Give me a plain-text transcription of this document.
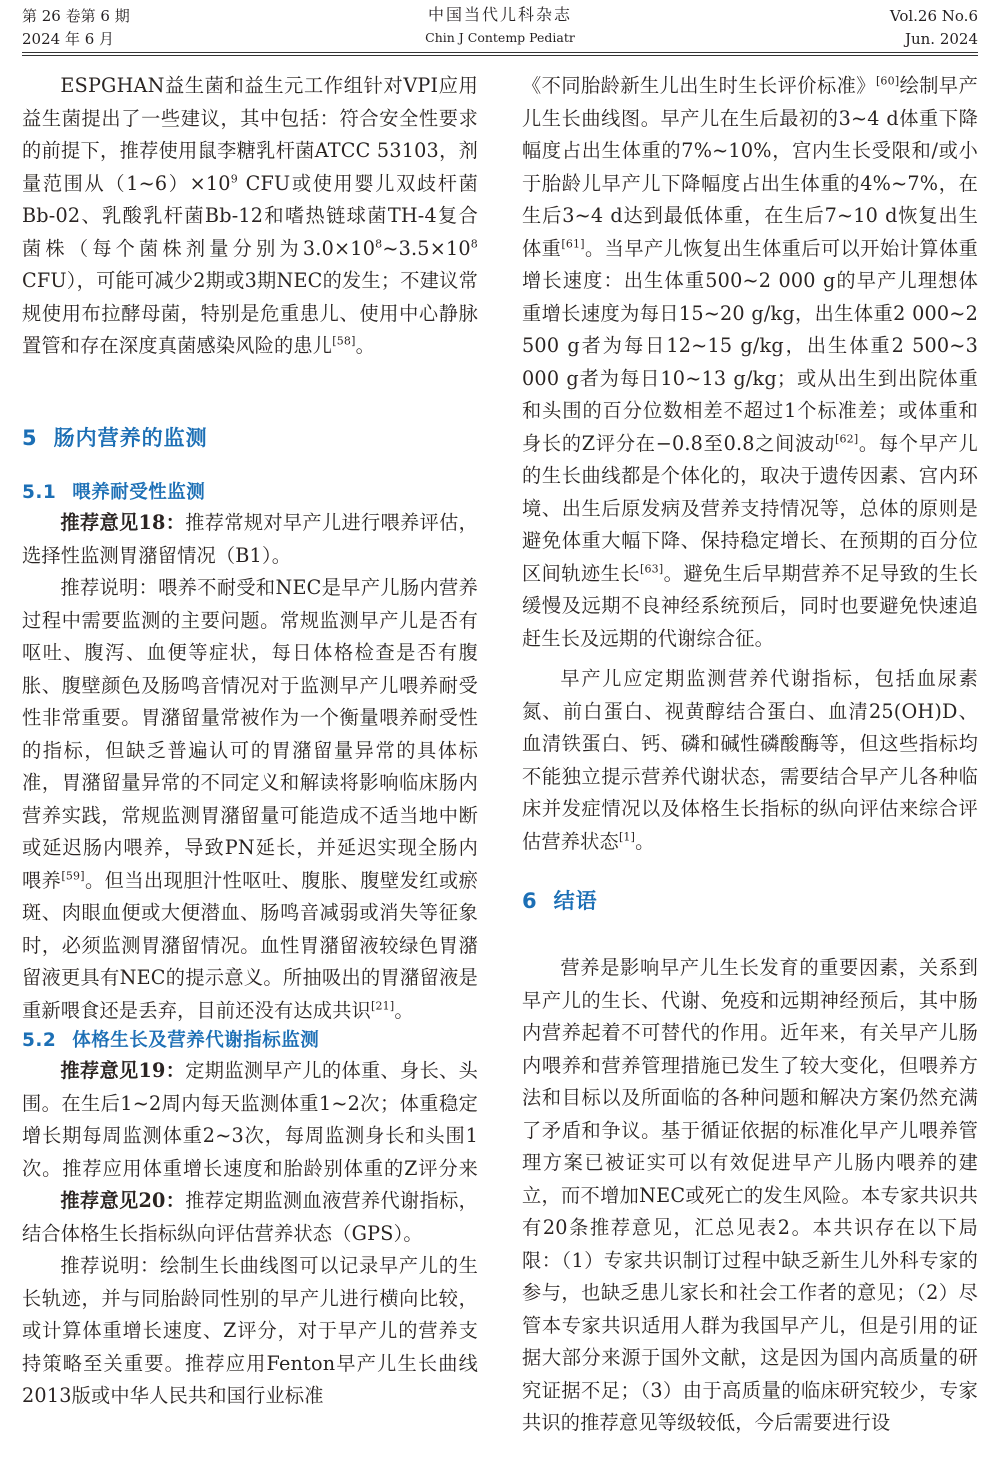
第 26 卷第 6 期
2024 年 6 月
中国当代儿科杂志
Chin J Contemp Pediatr
Vol.26 No.6
Jun. 2024

ESPGHAN益生菌和益生元工作组针对VPI应用益生菌提出了一些建议，其中包括：符合安全性要求的前提下，推荐使用鼠李糖乳杆菌ATCC 53103，剂量范围从$(1\sim 6)\times 10^9$ CFU或使用婴儿双歧杆菌Bb-02、乳酸乳杆菌Bb-12和嗜热链球菌TH-4复合菌株（每个菌株剂量分别为$3.0\times 10^8\sim 3.5\times 10^8$ CFU），可能可减少2期或3期NEC的发生；不建议常规使用布拉酵母菌，特别是危重患儿、使用中心静脉置管和存在深度真菌感染风险的患儿[58]。

5 肠内营养的监测
5.1 喂养耐受性监测

推荐意见18：推荐常规对早产儿进行喂养评估，选择性监测胃潴留情况（B1）。

推荐说明：喂养不耐受和NEC是早产儿肠内营养过程中需要监测的主要问题。常规监测早产儿是否有呕吐、腹泻、血便等症状，每日体格检查是否有腹胀、腹壁颜色及肠鸣音情况对于监测早产儿喂养耐受性非常重要。胃潴留量常被作为一个衡量喂养耐受性的指标，但缺乏普遍认可的胃潴留量异常的具体标准，胃潴留量异常的不同定义和解读将影响临床肠内营养实践，常规监测胃潴留量可能造成不适当地中断或延迟肠内喂养，导致PN延长，并延迟实现全肠内喂养[59]。但当出现胆汁性呕吐、腹胀、腹壁发红或瘀斑、肉眼血便或大便潜血、肠鸣音减弱或消失等征象时，必须监测胃潴留情况。血性胃潴留液较绿色胃潴留液更具有NEC的提示意义。所抽吸出的胃潴留液是重新喂食还是丢弃，目前还没有达成共识[21]。

5.2 体格生长及营养代谢指标监测

推荐意见19：定期监测早产儿的体重、身长、头围。在生后1~2周内每天监测体重1~2次；体重稳定增长期每周监测体重2~3次，每周监测身长和头围1次。推荐应用体重增长速度和胎龄别体重的Z评分来

推荐意见20：推荐定期监测血液营养代谢指标，结合体格生长指标纵向评估营养状态（GPS）。

推荐说明：绘制生长曲线图可以记录早产儿的生长轨迹，并与同胎龄同性别的早产儿进行横向比较，或计算体重增长速度、Z评分，对于早产儿的营养支持策略至关重要。推荐应用Fenton早产儿生长曲线2013版或中华人民共和国行业标准

《不同胎龄新生儿出生时生长评价标准》[60]绘制早产儿生长曲线图。早产儿在生后最初的3~4 d体重下降幅度占出生体重的7%~10%，宫内生长受限和/或小于胎龄儿早产儿下降幅度占出生体重的4%~7%，在生后3~4 d达到最低体重，在生后7~10 d恢复出生体重[61]。当早产儿恢复出生体重后可以开始计算体重增长速度：出生体重500~2 000 g的早产儿理想体重增长速度为每日15~20 g/kg，出生体重2 000~2 500 g者为每日12~15 g/kg，出生体重2 500~3 000 g者为每日10~13 g/kg；或从出生到出院体重和头围的百分位数相差不超过1个标准差；或体重和身长的Z评分在−0.8至0.8之间波动[62]。每个早产儿的生长曲线都是个体化的，取决于遗传因素、宫内环境、出生后原发病及营养支持情况等，总体的原则是避免体重大幅下降、保持稳定增长、在预期的百分位区间轨迹生长[63]。避免生后早期营养不足导致的生长缓慢及远期不良神经系统预后，同时也要避免快速追赶生长及远期的代谢综合征。

早产儿应定期监测营养代谢指标，包括血尿素氮、前白蛋白、视黄醇结合蛋白、血清25(OH)D、血清铁蛋白、钙、磷和碱性磷酸酶等，但这些指标均不能独立提示营养代谢状态，需要结合早产儿各种临床并发症情况以及体格生长指标的纵向评估来综合评估营养状态[1]。

6 结语

营养是影响早产儿生长发育的重要因素，关系到早产儿的生长、代谢、免疫和远期神经预后，其中肠内营养起着不可替代的作用。近年来，有关早产儿肠内喂养和营养管理措施已发生了较大变化，但喂养方法和目标以及所面临的各种问题和解决方案仍然充满了矛盾和争议。基于循证依据的标准化早产儿喂养管理方案已被证实可以有效促进早产儿肠内喂养的建立，而不增加NEC或死亡的发生风险。本专家共识共有20条推荐意见，汇总见表2。本共识存在以下局限：（1）专家共识制订过程中缺乏新生儿外科专家的参与，也缺乏患儿家长和社会工作者的意见；（2）尽管本专家共识适用人群为我国早产儿，但是引用的证据大部分来源于国外文献，这是因为国内高质量的研究证据不足；（3）由于高质量的临床研究较少，专家共识的推荐意见等级较低，今后需要进行设
